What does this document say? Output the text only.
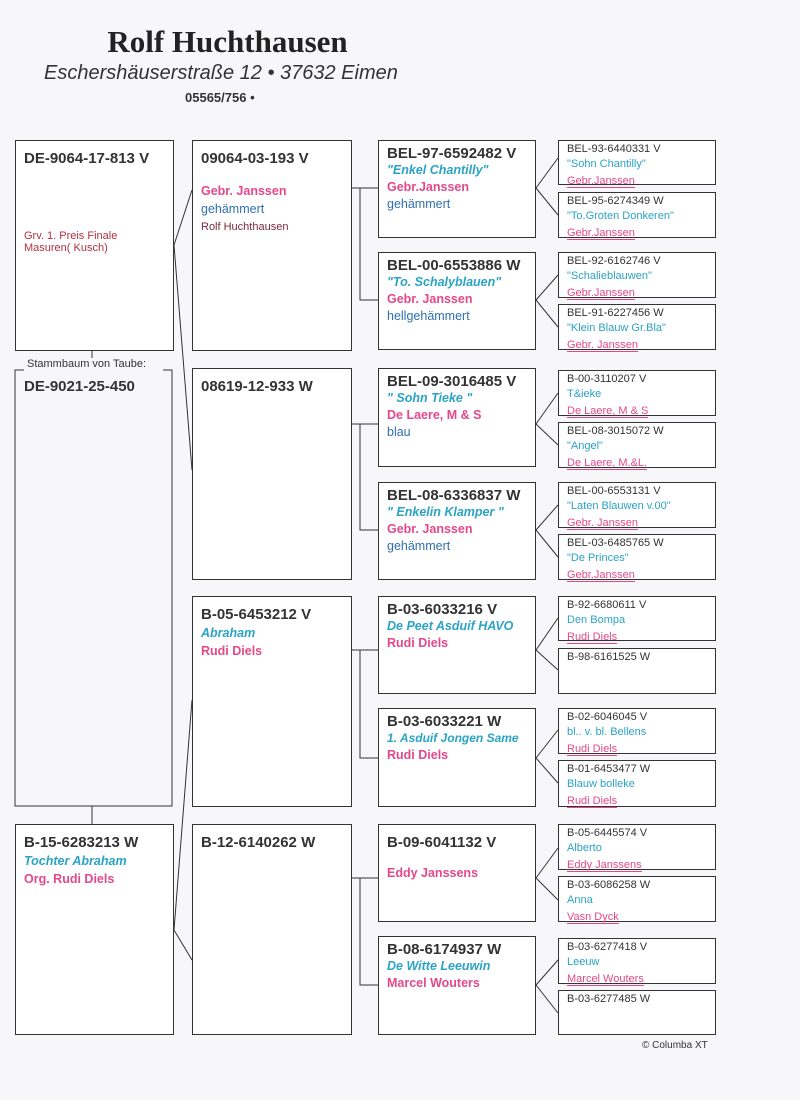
Rolf Huchthausen
Eschershäuserstraße 12 • 37632 Eimen
05565/756 •
DE-9064-17-813 V
Grv. 1. Preis Finale Masuren( Kusch)
Stammbaum von Taube:
DE-9021-25-450
B-15-6283213 W
Tochter Abraham
Org. Rudi Diels
09064-03-193 V
Gebr. Janssen
gehämmert
Rolf Huchthausen
08619-12-933 W
B-05-6453212 V
Abraham
Rudi Diels
B-12-6140262 W
BEL-97-6592482 V
"Enkel Chantilly"
Gebr.Janssen
gehämmert
BEL-00-6553886 W
"To. Schalyblauen"
Gebr. Janssen
hellgehämmert
BEL-09-3016485 V
" Sohn Tieke "
De Laere, M & S
blau
BEL-08-6336837 W
" Enkelin Klamper "
Gebr. Janssen
gehämmert
B-03-6033216 V
De Peet Asduif HAVO
Rudi Diels
B-03-6033221 W
1. Asduif Jongen Same
Rudi Diels
B-09-6041132 V
Eddy Janssens
B-08-6174937 W
De Witte Leeuwin
Marcel Wouters
BEL-93-6440331 V
"Sohn Chantilly"
Gebr.Janssen
BEL-95-6274349 W
"To.Groten Donkeren"
Gebr.Janssen
BEL-92-6162746 V
"Schalieblauwen"
Gebr.Janssen
BEL-91-6227456 W
"Klein Blauw Gr.Bla"
Gebr. Janssen
B-00-3110207 V
T&ieke
De Laere, M & S
BEL-08-3015072 W
"Angel"
De Laere, M.&L.
BEL-00-6553131 V
"Laten Blauwen v.00"
Gebr. Janssen
BEL-03-6485765 W
"De Princes"
Gebr.Janssen
B-92-6680611 V
Den Bompa
Rudi Diels
B-98-6161525 W
B-02-6046045 V
bl.. v. bl. Bellens
Rudi Diels
B-01-6453477 W
Blauw bolleke
Rudi Diels
B-05-6445574 V
Alberto
Eddy Janssens
B-03-6086258 W
Anna
Vasn Dyck
B-03-6277418 V
Leeuw
Marcel Wouters
B-03-6277485 W
© Columba XT
